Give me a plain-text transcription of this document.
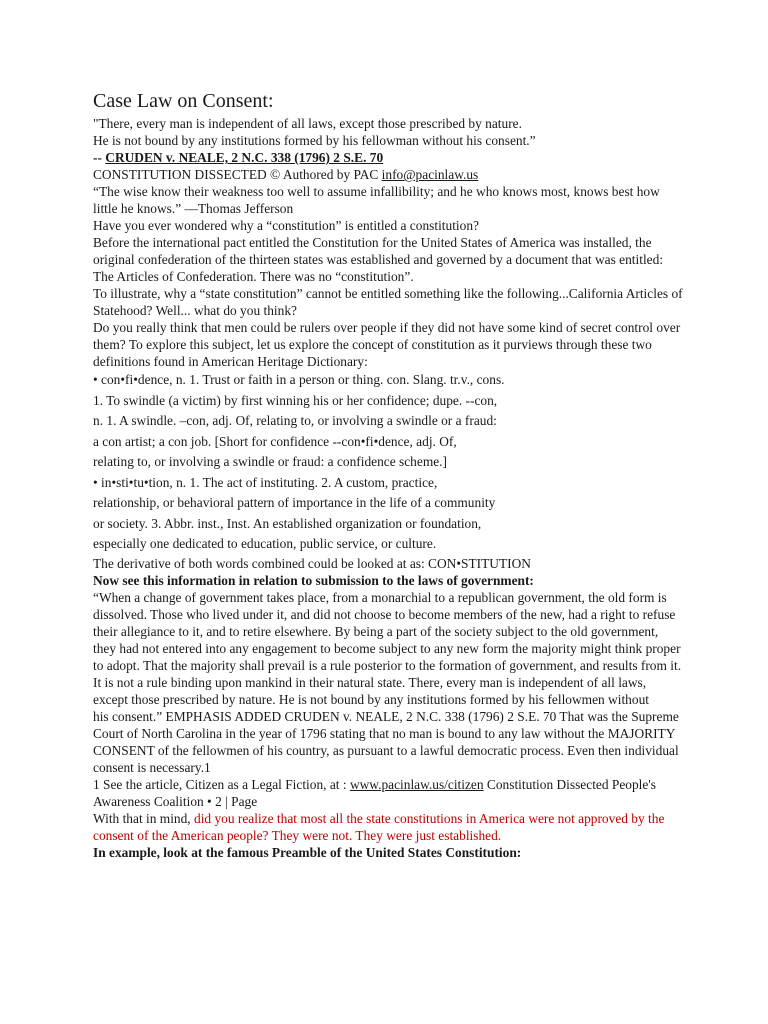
Case Law on Consent:

"There, every man is independent of all laws, except those prescribed by nature.

He is not bound by any institutions formed by his fellowman without his consent.”

-- CRUDEN v. NEALE, 2 N.C. 338 (1796) 2 S.E. 70

CONSTITUTION DISSECTED © Authored by PAC info@pacinlaw.us

“The wise know their weakness too well to assume infallibility; and he who knows most, knows best how little he knows.” —Thomas Jefferson

Have you ever wondered why a “constitution” is entitled a constitution?

Before the international pact entitled the Constitution for the United States of America was installed, the original confederation of the thirteen states was established and governed by a document that was entitled: The Articles of Confederation. There was no “constitution”.

To illustrate, why a “state constitution” cannot be entitled something like the following...California Articles of Statehood? Well... what do you think?

Do you really think that men could be rulers over people if they did not have some kind of secret control over them? To explore this subject, let us explore the concept of constitution as it purviews through these two definitions found in American Heritage Dictionary:

• con•fi•dence, n. 1. Trust or faith in a person or thing. con. Slang. tr.v., cons.

1. To swindle (a victim) by first winning his or her confidence; dupe. --con,

n. 1. A swindle. –con, adj. Of, relating to, or involving a swindle or a fraud:

a con artist; a con job. [Short for confidence --con•fi•dence, adj. Of,

relating to, or involving a swindle or fraud: a confidence scheme.]

• in•sti•tu•tion, n. 1. The act of instituting. 2. A custom, practice,

relationship, or behavioral pattern of importance in the life of a community

or society. 3. Abbr. inst., Inst. An established organization or foundation,

especially one dedicated to education, public service, or culture.

The derivative of both words combined could be looked at as: CON•STITUTION

Now see this information in relation to submission to the laws of government:

“When a change of government takes place, from a monarchial to a republican government, the old form is dissolved. Those who lived under it, and did not choose to become members of the new, had a right to refuse their allegiance to it, and to retire elsewhere. By being a part of the society subject to the old government, they had not entered into any engagement to become subject to any new form the majority might think proper to adopt. That the majority shall prevail is a rule posterior to the formation of government, and results from it. It is not a rule binding upon mankind in their natural state. There, every man is independent of all laws, except those prescribed by nature. He is not bound by any institutions formed by his fellowmen without

his consent.” EMPHASIS ADDED CRUDEN v. NEALE, 2 N.C. 338 (1796) 2 S.E. 70 That was the Supreme Court of North Carolina in the year of 1796 stating that no man is bound to any law without the MAJORITY CONSENT of the fellowmen of his country, as pursuant to a lawful democratic process. Even then individual consent is necessary.1

1 See the article, Citizen as a Legal Fiction, at : www.pacinlaw.us/citizen Constitution Dissected People's Awareness Coalition • 2 | Page

With that in mind, did you realize that most all the state constitutions in America were not approved by the consent of the American people? They were not. They were just established.

In example, look at the famous Preamble of the United States Constitution:
